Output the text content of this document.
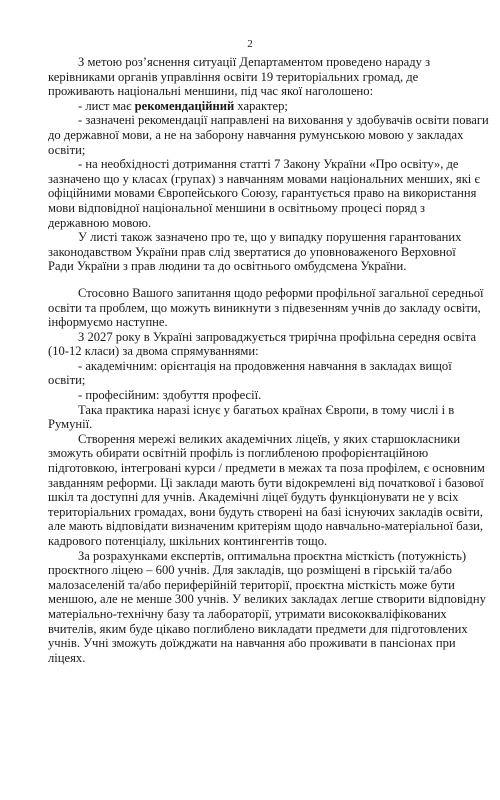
2
З метою роз’яснення ситуації Департаментом проведено нараду з
керівниками органів управління освіти 19 територіальних громад, де
проживають національні меншини, під час якої наголошено:
- лист має рекомендаційний характер;
- зазначені рекомендації направлені на виховання у здобувачів освіти поваги
до державної мови, а не на заборону навчання румунською мовою у закладах
освіти;
- на необхідності дотримання статті 7 Закону України «Про освіту», де
зазначено що у класах (групах) з навчанням мовами національних менших, які є
офіційними мовами Європейського Союзу, гарантується право на використання
мови відповідної національної меншини в освітньому процесі поряд з
державною мовою.
У листі також зазначено про те, що у випадку порушення гарантованих
законодавством України прав слід звертатися до уповноваженого Верховної
Ради України з прав людини та до освітнього омбудсмена України.
Стосовно Вашого запитання щодо реформи профільної загальної середньої
освіти та проблем, що можуть виникнути з підвезенням учнів до закладу освіти,
інформуємо наступне.
З 2027 року в Україні запроваджується трирічна профільна середня освіта
(10-12 класи) за двома спрямуваннями:
- академічним: орієнтація на продовження навчання в закладах вищої
освіти;
- професійним: здобуття професії.
Така практика наразі існує у багатьох країнах Європи, в тому числі і в
Румунії.
Створення мережі великих академічних ліцеїв, у яких старшокласники
зможуть обирати освітній профіль із поглибленою профорієнтаційною
підготовкою, інтегровані курси / предмети в межах та поза профілем, є основним
завданням реформи. Ці заклади мають бути відокремлені від початкової і базової
шкіл та доступні для учнів. Академічні ліцеї будуть функціонувати не у всіх
територіальних громадах, вони будуть створені на базі існуючих закладів освіти,
але мають відповідати визначеним критеріям щодо навчально-матеріальної бази,
кадрового потенціалу, шкільних контингентів тощо.
За розрахунками експертів, оптимальна проєктна місткість (потужність)
проєктного ліцею – 600 учнів. Для закладів, що розміщені в гірській та/або
малозаселеній та/або периферійній території, проєктна місткість може бути
меншою, але не менше 300 учнів. У великих закладах легше створити відповідну
матеріально-технічну базу та лабораторії, утримати висококваліфікованих
вчителів, яким буде цікаво поглиблено викладати предмети для підготовлених
учнів. Учні зможуть доїжджати на навчання або проживати в пансіонах при
ліцеях.
